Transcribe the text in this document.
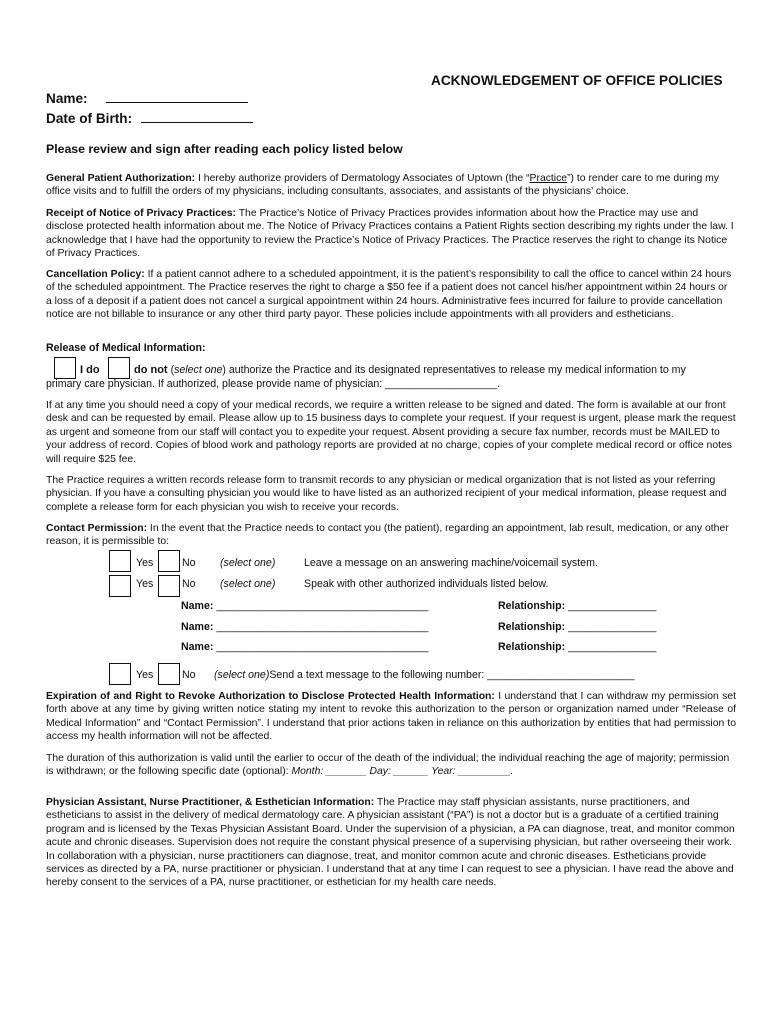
ACKNOWLEDGEMENT OF OFFICE POLICIES
Name:
Date of Birth:
Please review and sign after reading each policy listed below
General Patient Authorization: I hereby authorize providers of Dermatology Associates of Uptown (the “Practice”) to render care to me during my office visits and to fulfill the orders of my physicians, including consultants, associates, and assistants of the physicians’ choice.
Receipt of Notice of Privacy Practices: The Practice’s Notice of Privacy Practices provides information about how the Practice may use and disclose protected health information about me. The Notice of Privacy Practices contains a Patient Rights section describing my rights under the law. I acknowledge that I have had the opportunity to review the Practice’s Notice of Privacy Practices. The Practice reserves the right to change its Notice of Privacy Practices.
Cancellation Policy: If a patient cannot adhere to a scheduled appointment, it is the patient’s responsibility to call the office to cancel within 24 hours of the scheduled appointment. The Practice reserves the right to charge a $50 fee if a patient does not cancel his/her appointment within 24 hours or a loss of a deposit if a patient does not cancel a surgical appointment within 24 hours. Administrative fees incurred for failure to provide cancellation notice are not billable to insurance or any other third party payor. These policies include appointments with all providers and estheticians.
Release of Medical Information:
I do	do not (select one) authorize the Practice and its designated representatives to release my medical information to my
primary care physician. If authorized, please provide name of physician: ___________________.
If at any time you should need a copy of your medical records, we require a written release to be signed and dated. The form is available at our front desk and can be requested by email. Please allow up to 15 business days to complete your request. If your request is urgent, please mark the request as urgent and someone from our staff will contact you to expedite your request. Absent providing a secure fax number, records must be MAILED to your address of record. Copies of blood work and pathology reports are provided at no charge, copies of your complete medical record or office notes will require $25 fee.
The Practice requires a written records release form to transmit records to any physician or medical organization that is not listed as your referring physician. If you have a consulting physician you would like to have listed as an authorized recipient of your medical information, please request and complete a release form for each physician you wish to receive your records.
Contact Permission: In the event that the Practice needs to contact you (the patient), regarding an appointment, lab result, medication, or any other reason, it is permissible to:
Yes	No (select one)	Leave a message on an answering machine/voicemail system.
Yes	No (select one)	Speak with other authorized individuals listed below.
Name: ____________________________________	Relationship: _______________
Name: ____________________________________	Relationship: _______________
Name: ____________________________________	Relationship: _______________
Yes	No (select one)Send a text message to the following number: _________________________
Expiration of and Right to Revoke Authorization to Disclose Protected Health Information: I understand that I can withdraw my permission set forth above at any time by giving written notice stating my intent to revoke this authorization to the person or organization named under “Release of Medical Information” and “Contact Permission”. I understand that prior actions taken in reliance on this authorization by entities that had permission to access my health information will not be affected.
The duration of this authorization is valid until the earlier to occur of the death of the individual; the individual reaching the age of majority; permission is withdrawn; or the following specific date (optional): Month: _______ Day: ______ Year: _________.
Physician Assistant, Nurse Practitioner, & Esthetician Information: The Practice may staff physician assistants, nurse practitioners, and estheticians to assist in the delivery of medical dermatology care. A physician assistant (“PA”) is not a doctor but is a graduate of a certified training program and is licensed by the Texas Physician Assistant Board. Under the supervision of a physician, a PA can diagnose, treat, and monitor common acute and chronic diseases. Supervision does not require the constant physical presence of a supervising physician, but rather overseeing their work. In collaboration with a physician, nurse practitioners can diagnose, treat, and monitor common acute and chronic diseases. Estheticians provide services as directed by a PA, nurse practitioner or physician. I understand that at any time I can request to see a physician. I have read the above and hereby consent to the services of a PA, nurse practitioner, or esthetician for my health care needs.
